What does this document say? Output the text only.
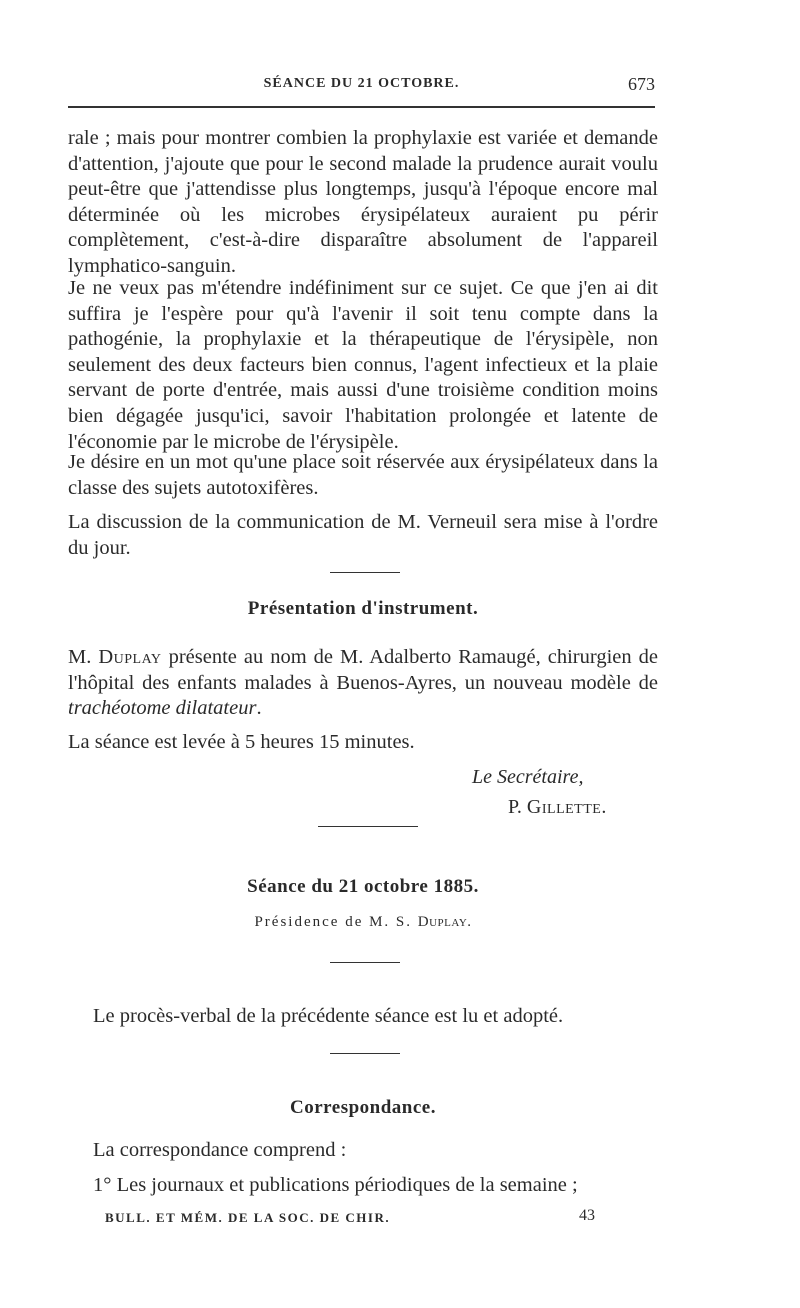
SÉANCE DU 21 OCTOBRE.	673

rale ; mais pour montrer combien la prophylaxie est variée et demande d'attention, j'ajoute que pour le second malade la prudence aurait voulu peut-être que j'attendisse plus longtemps, jusqu'à l'époque encore mal déterminée où les microbes érysipélateux auraient pu périr complètement, c'est-à-dire disparaître absolument de l'appareil lymphatico-sanguin.

Je ne veux pas m'étendre indéfiniment sur ce sujet. Ce que j'en ai dit suffira je l'espère pour qu'à l'avenir il soit tenu compte dans la pathogénie, la prophylaxie et la thérapeutique de l'érysipèle, non seulement des deux facteurs bien connus, l'agent infectieux et la plaie servant de porte d'entrée, mais aussi d'une troisième condition moins bien dégagée jusqu'ici, savoir l'habitation prolongée et latente de l'économie par le microbe de l'érysipèle.

Je désire en un mot qu'une place soit réservée aux érysipélateux dans la classe des sujets autotoxifères.

La discussion de la communication de M. Verneuil sera mise à l'ordre du jour.

Présentation d'instrument.

M. Duplay présente au nom de M. Adalberto Ramaugé, chirurgien de l'hôpital des enfants malades à Buenos-Ayres, un nouveau modèle de trachéotome dilatateur.

La séance est levée à 5 heures 15 minutes.

Le Secrétaire,
P. Gillette.
Séance du 21 octobre 1885.
Présidence de M. S. Duplay.

Le procès-verbal de la précédente séance est lu et adopté.

Correspondance.

La correspondance comprend :

1° Les journaux et publications périodiques de la semaine ;

BULL. ET MÉM. DE LA SOC. DE CHIR.	43
